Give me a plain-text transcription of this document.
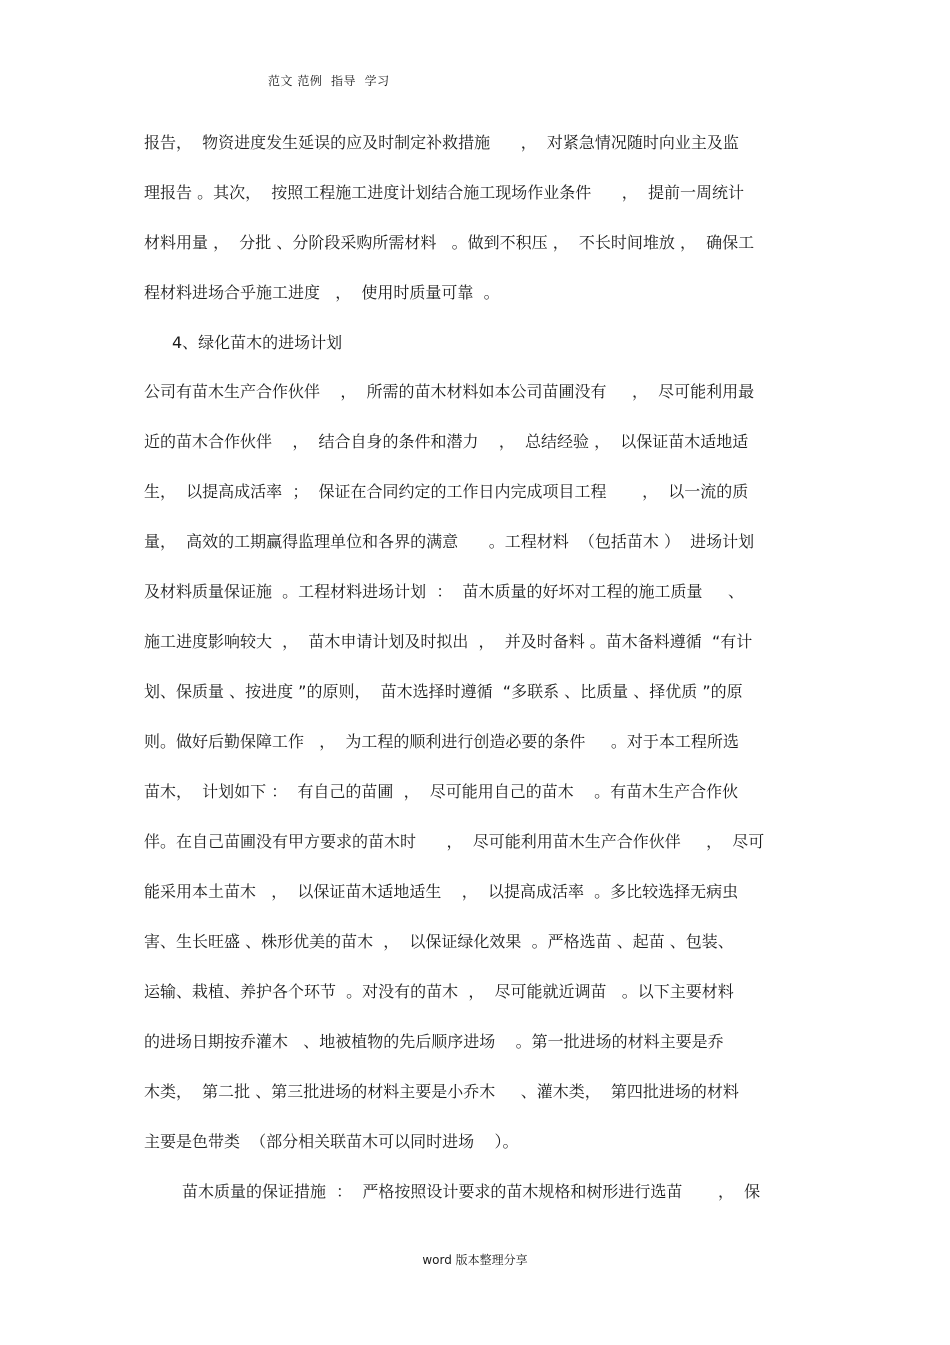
范文 范例  指导  学习
报告，  物资进度发生延误的应及时制定补救措施      ，  对紧急情况随时向业主及监
理报告 。其次，  按照工程施工进度计划结合施工现场作业条件      ，  提前一周统计
材料用量 ，  分批 、分阶段采购所需材料   。做到不积压 ，  不长时间堆放 ，  确保工
程材料进场合乎施工进度   ，  使用时质量可靠  。
4、绿化苗木的进场计划
公司有苗木生产合作伙伴    ，  所需的苗木材料如本公司苗圃没有     ，  尽可能利用最
近的苗木合作伙伴    ，  结合自身的条件和潜力    ，  总结经验 ，  以保证苗木适地适
生，  以提高成活率  ；  保证在合同约定的工作日内完成项目工程       ，  以一流的质
量，  高效的工期赢得监理单位和各界的满意      。工程材料  （包括苗木 ）  进场计划
及材料质量保证施  。工程材料进场计划  ：  苗木质量的好坏对工程的施工质量     、
施工进度影响较大  ，  苗木申请计划及时拟出  ，  并及时备料 。苗木备料遵循  “有计
划、保质量 、按进度 ”的原则，  苗木选择时遵循  “多联系 、比质量 、择优质 ”的原
则。做好后勤保障工作   ，  为工程的顺利进行创造必要的条件     。对于本工程所选
苗木，  计划如下 ：  有自己的苗圃  ，  尽可能用自己的苗木    。有苗木生产合作伙
伴。在自己苗圃没有甲方要求的苗木时      ，  尽可能利用苗木生产合作伙伴     ，  尽可
能采用本土苗木   ，  以保证苗木适地适生    ，  以提高成活率  。多比较选择无病虫
害、生长旺盛 、株形优美的苗木  ，  以保证绿化效果  。严格选苗 、起苗 、包装、
运输、栽植、养护各个环节  。对没有的苗木  ，  尽可能就近调苗   。以下主要材料
的进场日期按乔灌木   、地被植物的先后顺序进场    。第一批进场的材料主要是乔
木类，  第二批 、第三批进场的材料主要是小乔木     、灌木类，  第四批进场的材料
主要是色带类  （部分相关联苗木可以同时进场    ）。
苗木质量的保证措施  ：  严格按照设计要求的苗木规格和树形进行选苗       ，  保
word 版本整理分享
